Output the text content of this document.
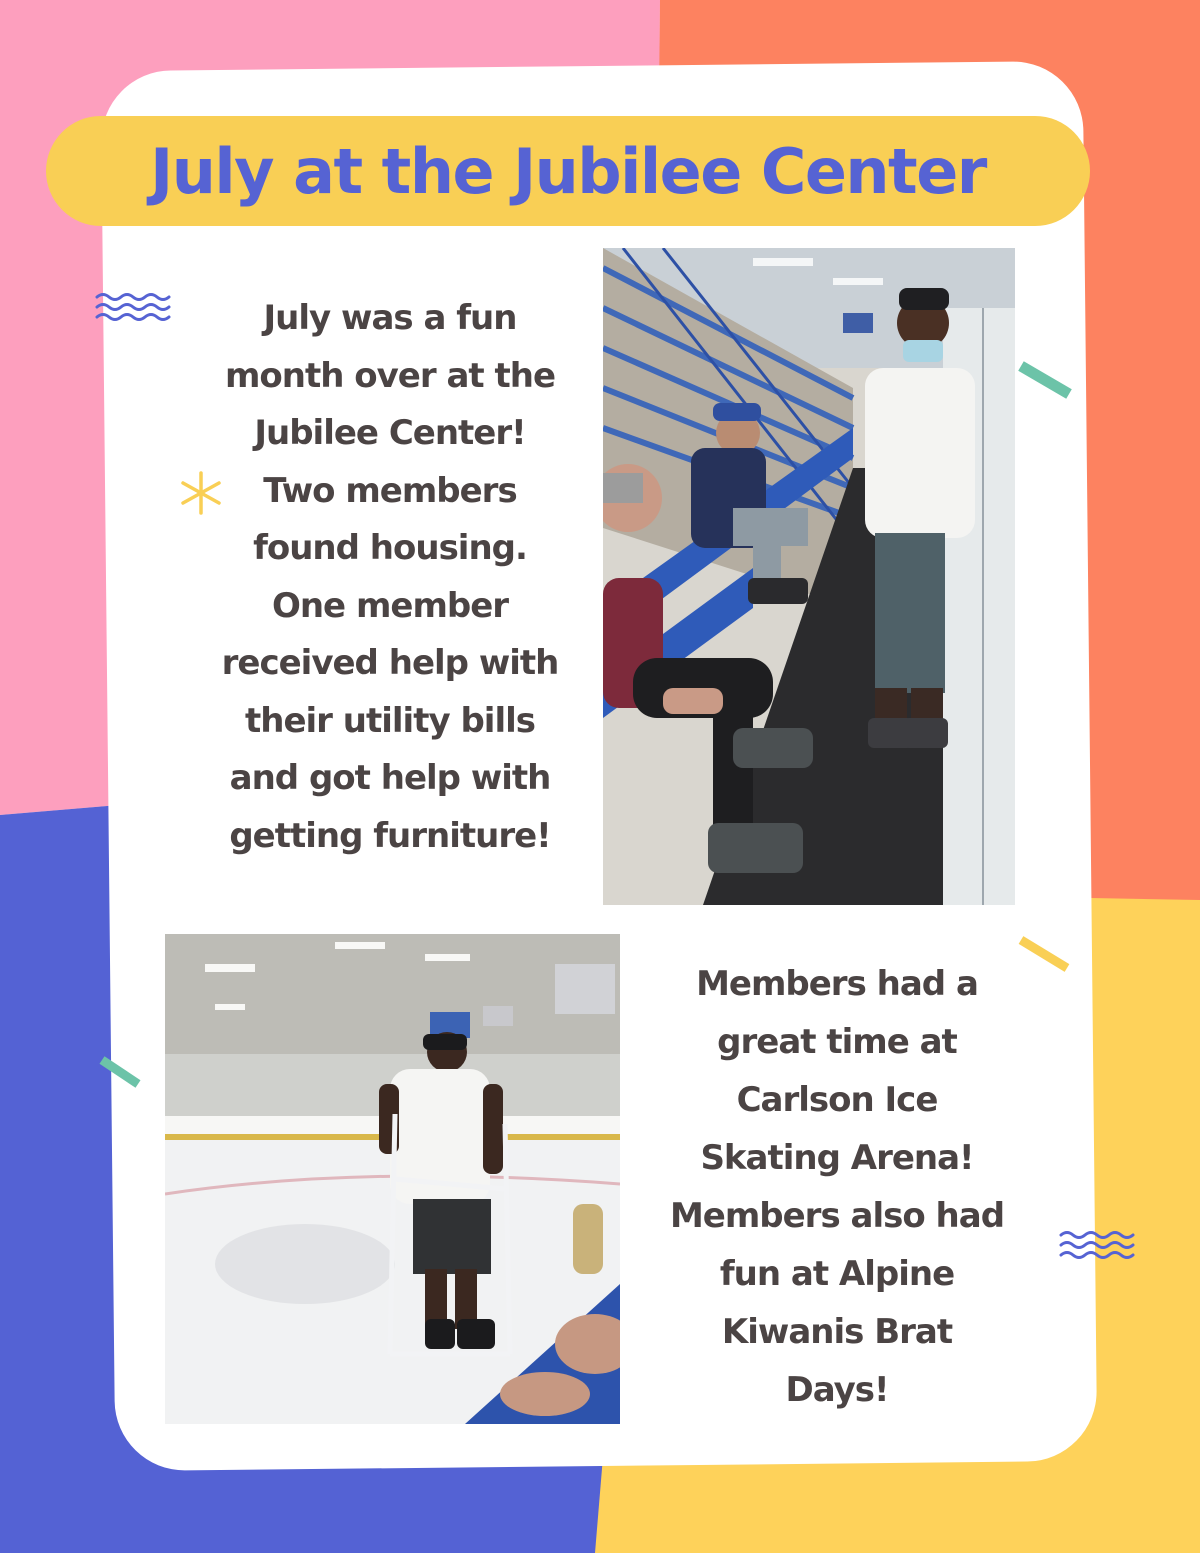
July at the Jubilee Center
July was a fun
month over at the
Jubilee Center!
Two members
found housing.
One member
received help with
their utility bills
and got help with
getting furniture!
Members had a
great time at
Carlson Ice
Skating Arena!
Members also had
fun at Alpine
Kiwanis Brat
Days!
